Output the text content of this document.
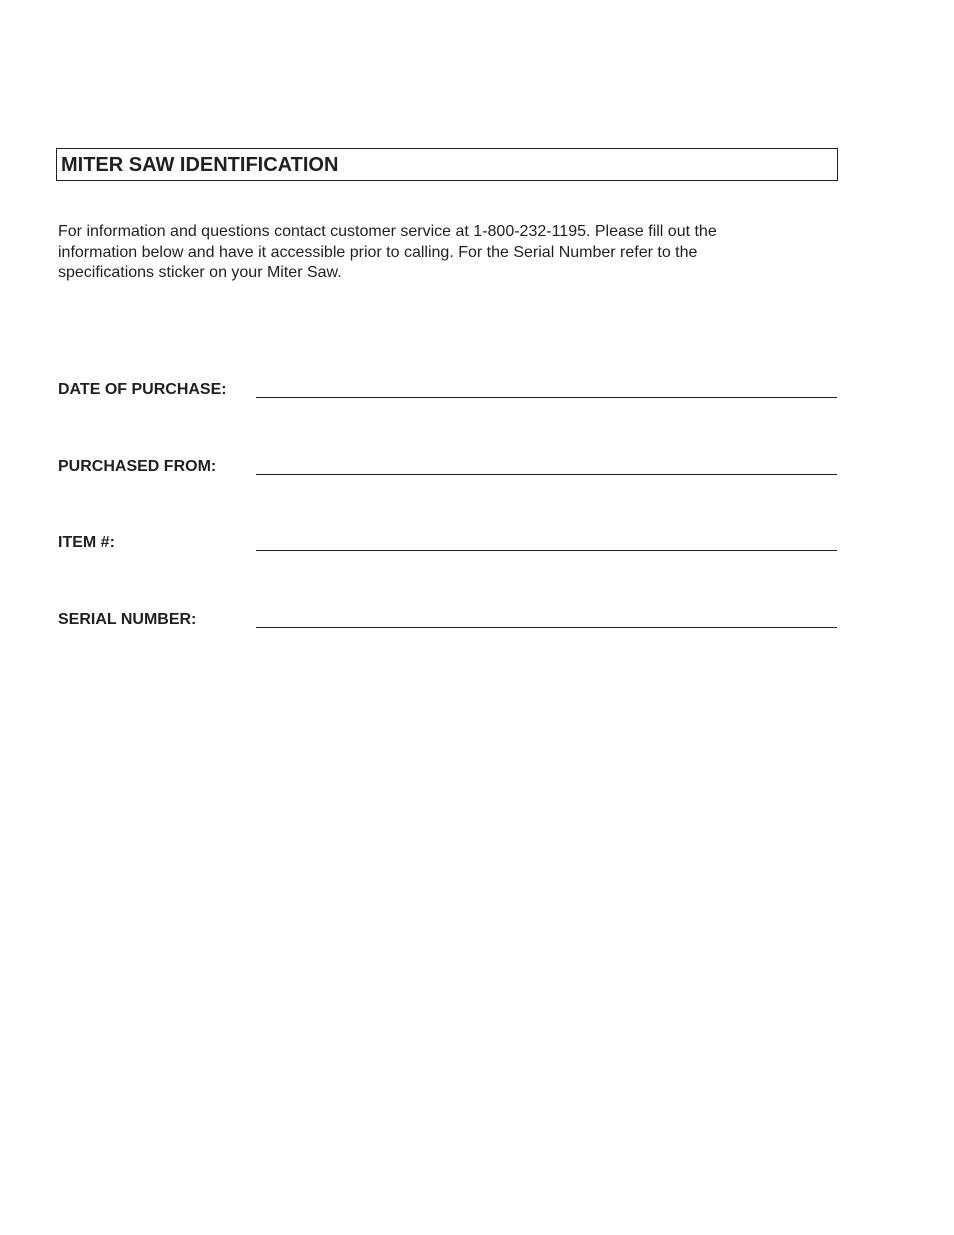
MITER SAW IDENTIFICATION
For information and questions contact customer service at 1-800-232-1195. Please fill out the
information below and have it accessible prior to calling. For the Serial Number refer to the
specifications sticker on your Miter Saw.
DATE OF PURCHASE:
PURCHASED FROM:
ITEM #:
SERIAL NUMBER:
